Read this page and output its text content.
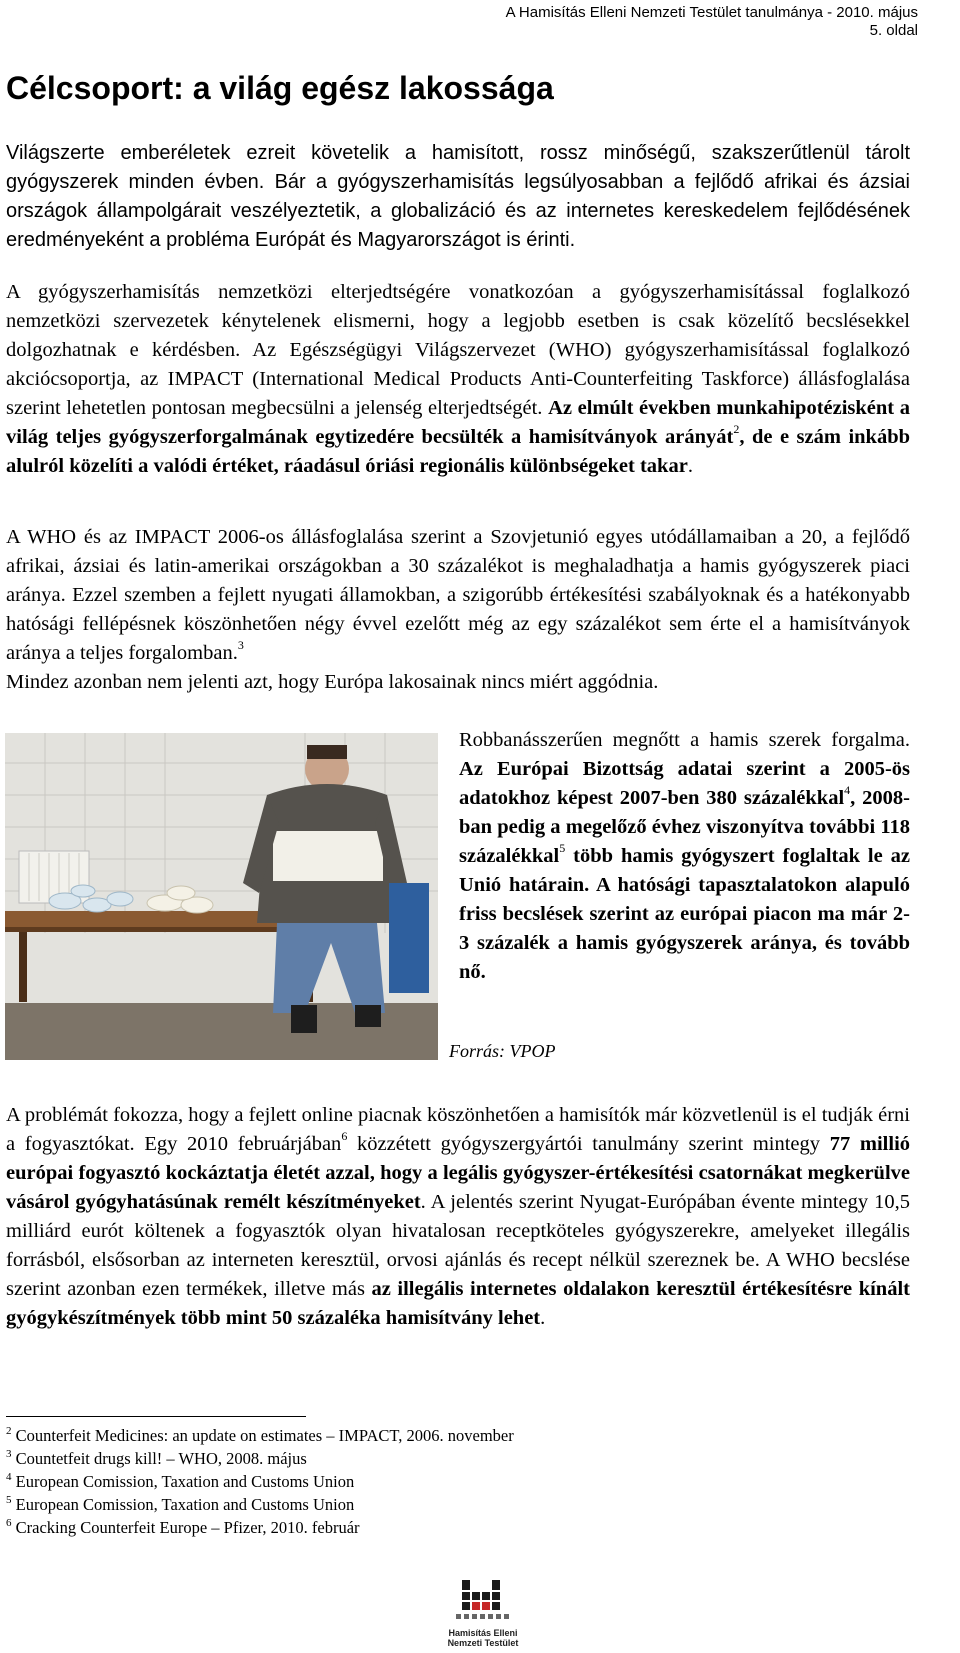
A Hamisítás Elleni Nemzeti Testület tanulmánya - 2010. május
5. oldal
Célcsoport: a világ egész lakossága

Világszerte emberéletek ezreit követelik a hamisított, rossz minőségű, szakszerűtlenül tárolt gyógyszerek minden évben. Bár a gyógyszerhamisítás legsúlyosabban a fejlődő afrikai és ázsiai országok állampolgárait veszélyeztetik, a globalizáció és az internetes kereskedelem fejlődésének eredményeként a probléma Európát és Magyarországot is érinti.

A gyógyszerhamisítás nemzetközi elterjedtségére vonatkozóan a gyógyszerhamisítással foglalkozó nemzetközi szervezetek kénytelenek elismerni, hogy a legjobb esetben is csak közelítő becslésekkel dolgozhatnak e kérdésben. Az Egészségügyi Világszervezet (WHO) gyógyszerhamisítással foglalkozó akciócsoportja, az IMPACT (International Medical Products Anti-Counterfeiting Taskforce) állásfoglalása szerint lehetetlen pontosan megbecsülni a jelenség elterjedtségét. Az elmúlt években munkahipotézisként a világ teljes gyógyszerforgalmának egytizedére becsülték a hamisítványok arányát$^2$, de e szám inkább alulról közelíti a valódi értéket, ráadásul óriási regionális különbségeket takar.

A WHO és az IMPACT 2006-os állásfoglalása szerint a Szovjetunió egyes utódállamaiban a 20, a fejlődő afrikai, ázsiai és latin-amerikai országokban a 30 százalékot is meghaladhatja a hamis gyógyszerek piaci aránya. Ezzel szemben a fejlett nyugati államokban, a szigorúbb értékesítési szabályoknak és a hatékonyabb hatósági fellépésnek köszönhetően négy évvel ezelőtt még az egy százalékot sem érte el a hamisítványok aránya a teljes forgalomban.$^3$
Mindez azonban nem jelenti azt, hogy Európa lakosainak nincs miért aggódnia.

Robbanásszerűen megnőtt a hamis szerek forgalma. Az Európai Bizottság adatai szerint a 2005-ös adatokhoz képest 2007-ben 380 százalékkal$^4$, 2008-ban pedig a megelőző évhez viszonyítva további 118 százalékkal$^5$ több hamis gyógyszert foglaltak le az Unió határain. A hatósági tapasztalatokon alapuló friss becslések szerint az európai piacon ma már 2-3 százalék a hamis gyógyszerek aránya, és tovább nő.

Forrás: VPOP

A problémát fokozza, hogy a fejlett online piacnak köszönhetően a hamisítók már közvetlenül is el tudják érni a fogyasztókat. Egy 2010 februárjában$^6$ közzétett gyógyszergyártói tanulmány szerint mintegy 77 millió európai fogyasztó kockáztatja életét azzal, hogy a legális gyógyszer-értékesítési csatornákat megkerülve vásárol gyógyhatásúnak remélt készítményeket. A jelentés szerint Nyugat-Európában évente mintegy 10,5 milliárd eurót költenek a fogyasztók olyan hivatalosan receptköteles gyógyszerekre, amelyeket illegális forrásból, elsősorban az interneten keresztül, orvosi ajánlás és recept nélkül szereznek be. A WHO becslése szerint azonban ezen termékek, illetve más az illegális internetes oldalakon keresztül értékesítésre kínált gyógykészítmények több mint 50 százaléka hamisítvány lehet.

$^2$ Counterfeit Medicines: an update on estimates – IMPACT, 2006. november
$^3$ Countetfeit drugs kill! – WHO, 2008. május
$^4$ European Comission, Taxation and Customs Union
$^5$ European Comission, Taxation and Customs Union
$^6$ Cracking Counterfeit Europe – Pfizer, 2010. február
Hamisítás Elleni
Nemzeti Testület
